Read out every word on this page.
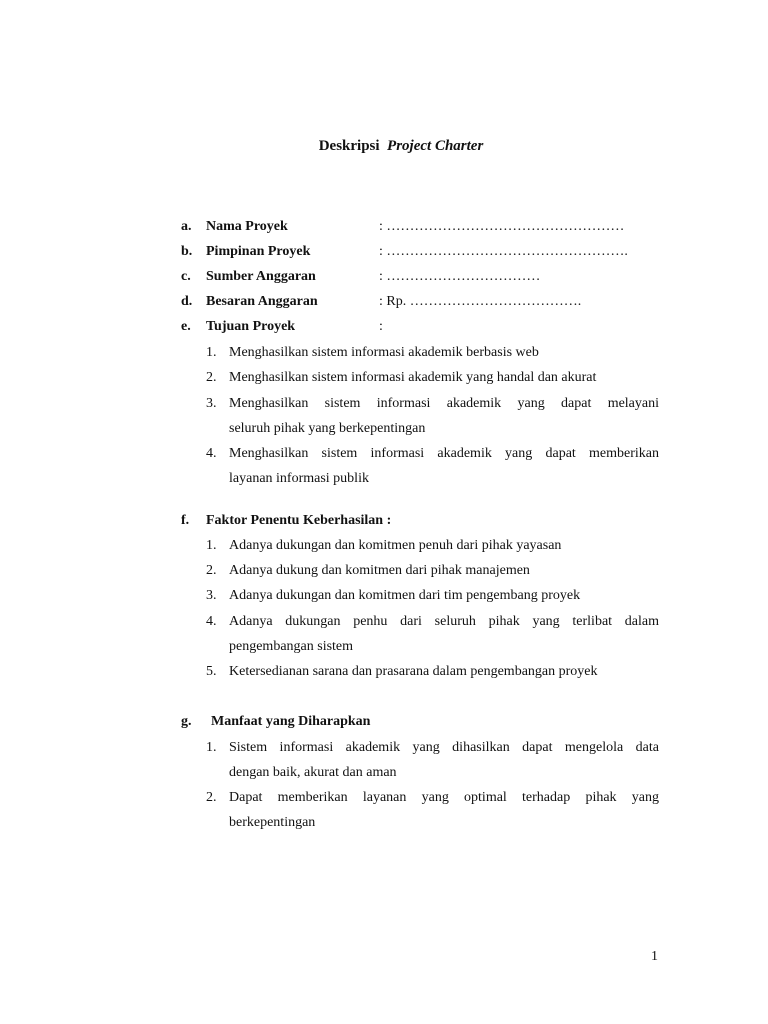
Deskripsi Project Charter
a. Nama Proyek	: ……………………………………………
b. Pimpinan Proyek	: …………………………………………….
c. Sumber Anggaran	: ……………………………
d. Besaran Anggaran	: Rp. ……………………………….
e. Tujuan Proyek	:
1. Menghasilkan sistem informasi akademik berbasis web
2. Menghasilkan sistem informasi akademik yang handal dan akurat
3. Menghasilkan sistem informasi akademik yang dapat melayani
seluruh pihak yang berkepentingan
4. Menghasilkan sistem informasi akademik yang dapat memberikan
layanan informasi publik
f. Faktor Penentu Keberhasilan :
1. Adanya dukungan dan komitmen penuh dari pihak yayasan
2. Adanya dukung dan komitmen dari pihak manajemen
3. Adanya dukungan dan komitmen dari tim pengembang proyek
4. Adanya dukungan penhu dari seluruh pihak yang terlibat dalam
pengembangan sistem
5. Ketersedianan sarana dan prasarana dalam pengembangan proyek
g. Manfaat yang Diharapkan
1. Sistem informasi akademik yang dihasilkan dapat mengelola data
dengan baik, akurat dan aman
2. Dapat memberikan layanan yang optimal terhadap pihak yang
berkepentingan
1
